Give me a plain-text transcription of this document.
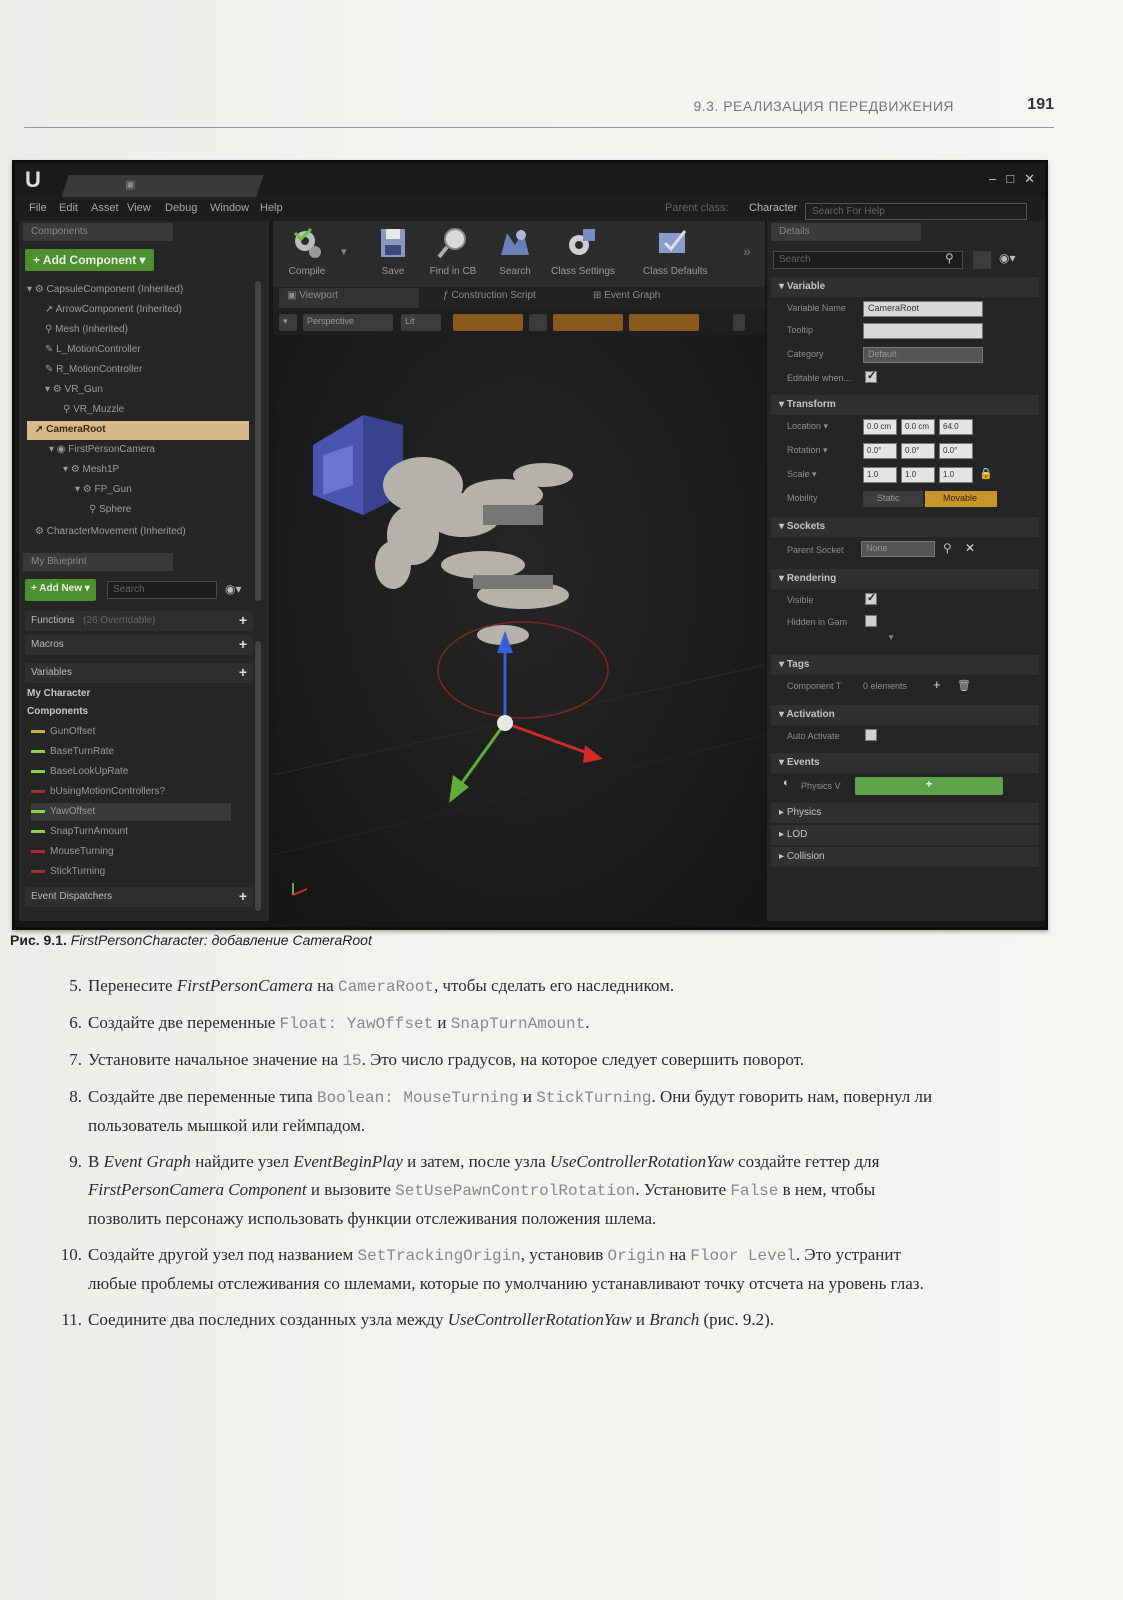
9.3. РЕАЛИЗАЦИЯ ПЕРЕДВИЖЕНИЯ	191
U	▣	– □ ✕
File Edit Asset View Debug Window Help	Parent class: Character	Search For Help
Components
+ Add Component ▾
▾ ⚙ CapsuleComponent (Inherited)
➚ ArrowComponent (Inherited)
⚲ Mesh (Inherited)
✎ L_MotionController
✎ R_MotionController
▾ ⚙ VR_Gun
⚲ VR_Muzzle
➚ CameraRoot
▾ ◉ FirstPersonCamera
▾ ⚙ Mesh1P
▾ ⚙ FP_Gun
⚲ Sphere
⚙ CharacterMovement (Inherited)
My Blueprint
+ Add New ▾	Search	◉▾
Functions (26 Overridable)	+
Macros	+
Variables	+
My Character
Components
GunOffset
BaseTurnRate
BaseLookUpRate
bUsingMotionControllers?
YawOffset
SnapTurnAmount
MouseTurning
StickTurning
Event Dispatchers	+
Compile
▾
Save	Find in CB	Search	Class Settings	Class Defaults
»
▣ Viewport	ƒ Construction Script	⊞ Event Graph
▾	Perspective	Lit
Details
Search	⚲	◉▾
▾ Variable
Variable Name	CameraRoot
Tooltip
Category	Default
Editable when... ✓
▾ Transform
Location ▾	0.0 cm	0.0 cm	64.0
Rotation ▾	0.0°	0.0°	0.0°
Scale ▾	1.0	1.0	1.0	🔒
Mobility	Static	Movable
▾ Sockets
Parent Socket	None	⚲ ✕
▾ Rendering
Visible	✓
Hidden in Gam
▼
▾ Tags
Component T 0 elements + 🗑
▾ Activation
Auto Activate
▾ Events
◐ Physics V	+
▸ Physics
▸ LOD
▸ Collision
Рис. 9.1. FirstPersonCharacter: добавление CameraRoot
5. Перенесите FirstPersonCamera на CameraRoot, чтобы сделать его наследником.
6. Создайте две переменные Float: YawOffset и SnapTurnAmount.
7. Установите начальное значение на 15. Это число градусов, на которое следует совершить поворот.
8. Создайте две переменные типа Boolean: MouseTurning и StickTurning. Они будут говорить нам, повернул ли пользователь мышкой или геймпадом.
9. В Event Graph найдите узел EventBeginPlay и затем, после узла UseControllerRotationYaw создайте геттер для FirstPersonCamera Component и вызовите SetUsePawnControlRotation. Установите False в нем, чтобы позволить персонажу использовать функции отслеживания положения шлема.
10. Создайте другой узел под названием SetTrackingOrigin, установив Origin на Floor Level. Это устранит любые проблемы отслеживания со шлемами, которые по умолчанию устанавливают точку отсчета на уровень глаз.
11. Соедините два последних созданных узла между UseControllerRotationYaw и Branch (рис. 9.2).
